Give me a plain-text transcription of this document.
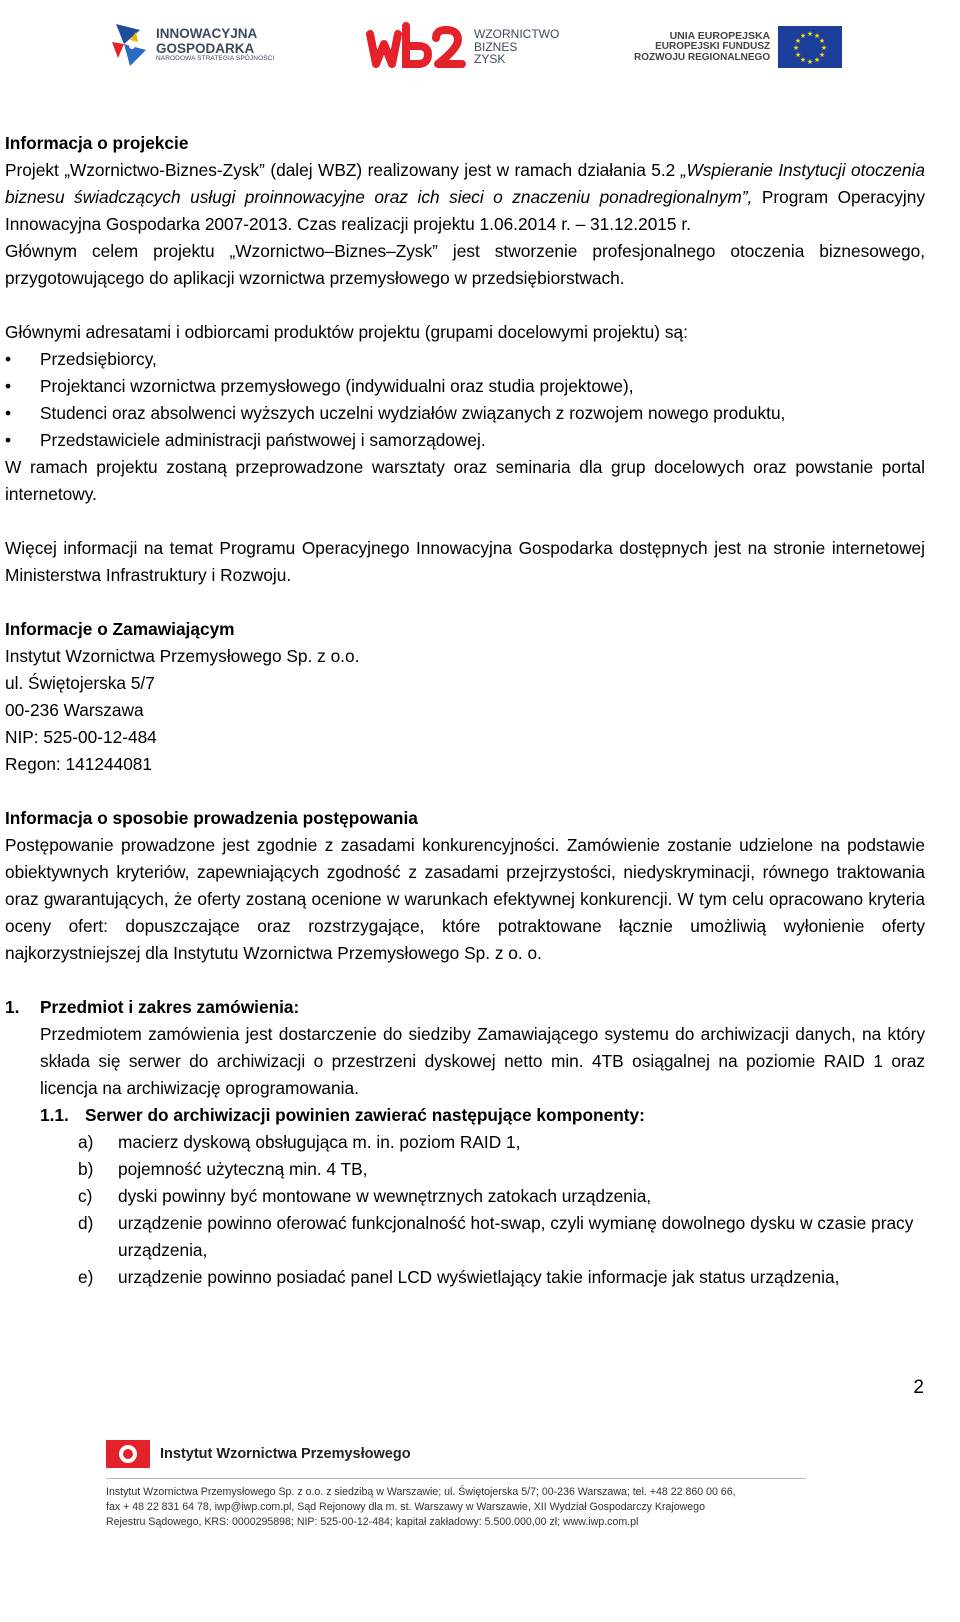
INNOWACYJNA
GOSPODARKA
NARODOWA STRATEGIA SPÓJNOŚCI
WZORNICTWO
BIZNES
ZYSK
UNIA EUROPEJSKA
EUROPEJSKI FUNDUSZ
ROZWOJU REGIONALNEGO
★ ★
★
★
★
★
★
★
★
★
★
★

Informacja o projekcie

Projekt „Wzornictwo-Biznes-Zysk” (dalej WBZ) realizowany jest w ramach działania 5.2 „Wspieranie Instytucji otoczenia biznesu świadczących usługi proinnowacyjne oraz ich sieci o znaczeniu ponadregionalnym”, Program Operacyjny Innowacyjna Gospodarka 2007-2013. Czas realizacji projektu 1.06.2014 r. – 31.12.2015 r.

Głównym celem projektu „Wzornictwo–Biznes–Zysk” jest stworzenie profesjonalnego otoczenia biznesowego, przygotowującego do aplikacji wzornictwa przemysłowego w przedsiębiorstwach.

Głównymi adresatami i odbiorcami produktów projektu (grupami docelowymi projektu) są:

• Przedsiębiorcy,
• Projektanci wzornictwa przemysłowego (indywidualni oraz studia projektowe),
• Studenci oraz absolwenci wyższych uczelni wydziałów związanych z rozwojem nowego produktu,
• Przedstawiciele administracji państwowej i samorządowej.

W ramach projektu zostaną przeprowadzone warsztaty oraz seminaria dla grup docelowych oraz powstanie portal internetowy.

Więcej informacji na temat Programu Operacyjnego Innowacyjna Gospodarka dostępnych jest na stronie internetowej Ministerstwa Infrastruktury i Rozwoju.

Informacje o Zamawiającym

Instytut Wzornictwa Przemysłowego Sp. z o.o.

ul. Świętojerska 5/7

00-236 Warszawa

NIP: 525-00-12-484

Regon: 141244081

Informacja o sposobie prowadzenia postępowania

Postępowanie prowadzone jest zgodnie z zasadami konkurencyjności. Zamówienie zostanie udzielone na podstawie obiektywnych kryteriów, zapewniających zgodność z zasadami przejrzystości, niedyskryminacji, równego traktowania oraz gwarantujących, że oferty zostaną ocenione w warunkach efektywnej konkurencji. W tym celu opracowano kryteria oceny ofert: dopuszczające oraz rozstrzygające, które potraktowane łącznie umożliwią wyłonienie oferty najkorzystniejszej dla Instytutu Wzornictwa Przemysłowego Sp. z o. o.

1. Przedmiot i zakres zamówienia:

Przedmiotem zamówienia jest dostarczenie do siedziby Zamawiającego systemu do archiwizacji danych, na który składa się serwer do archiwizacji o przestrzeni dyskowej netto min. 4TB osiągalnej na poziomie RAID 1 oraz licencja na archiwizację oprogramowania.

1.1. Serwer do archiwizacji powinien zawierać następujące komponenty:
a) macierz dyskową obsługująca m. in. poziom RAID 1,
b) pojemność użyteczną min. 4 TB,
c) dyski powinny być montowane w wewnętrznych zatokach urządzenia,
d) urządzenie powinno oferować funkcjonalność hot-swap, czyli wymianę dowolnego dysku w czasie pracy urządzenia,
e) urządzenie powinno posiadać panel LCD wyświetlający takie informacje jak status urządzenia,
2
Instytut Wzornictwa Przemysłowego
Instytut Wzornictwa Przemysłowego Sp. z o.o. z siedzibą w Warszawie; ul. Świętojerska 5/7; 00-236 Warszawa; tel. +48 22 860 00 66,
fax + 48 22 831 64 78, iwp@iwp.com.pl, Sąd Rejonowy dla m. st. Warszawy w Warszawie, XII Wydział Gospodarczy Krajowego
Rejestru Sądowego, KRS: 0000295898; NIP: 525-00-12-484; kapitał zakładowy: 5.500.000,00 zł; www.iwp.com.pl
